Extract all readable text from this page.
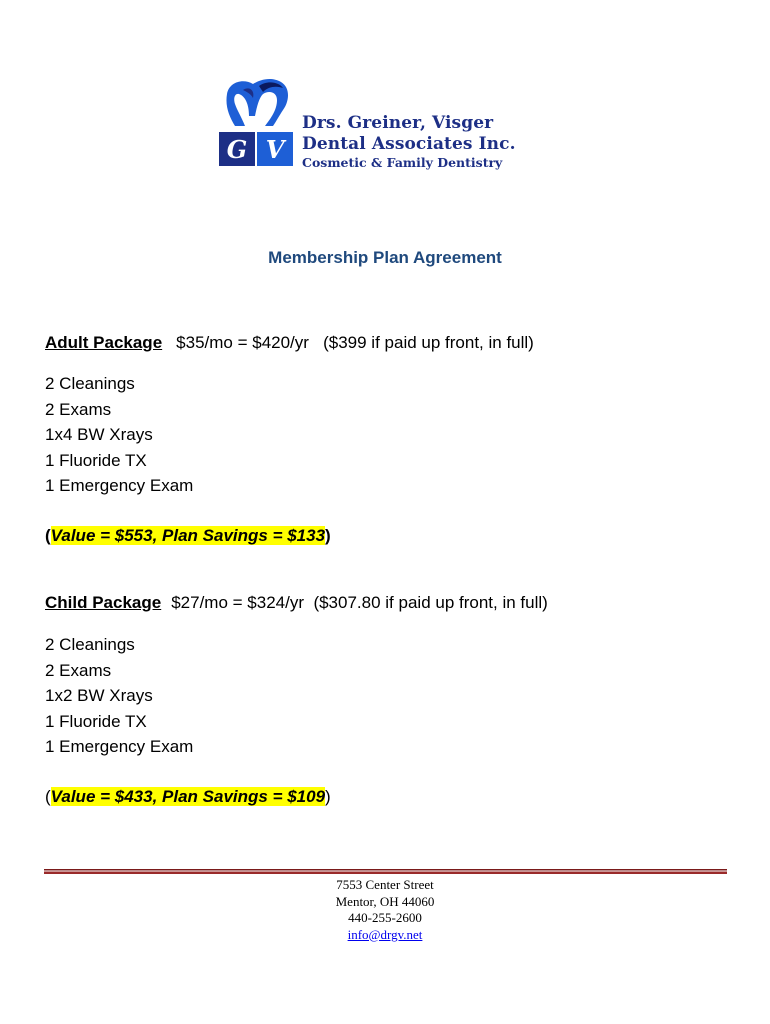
G V
Drs. Greiner, Visger
Dental Associates Inc.
Cosmetic & Family Dentistry
Membership Plan Agreement
Adult Package $35/mo = $420/yr   ($399 if paid up front, in full)
2 Cleanings
2 Exams
1x4 BW Xrays
1 Fluoride TX
1 Emergency Exam
(Value = $553, Plan Savings = $133)
Child Package $27/mo = $324/yr  ($307.80 if paid up front, in full)
2 Cleanings
2 Exams
1x2 BW Xrays
1 Fluoride TX
1 Emergency Exam
(Value = $433, Plan Savings = $109)
7553 Center Street
Mentor, OH 44060
440-255-2600
info@drgv.net
